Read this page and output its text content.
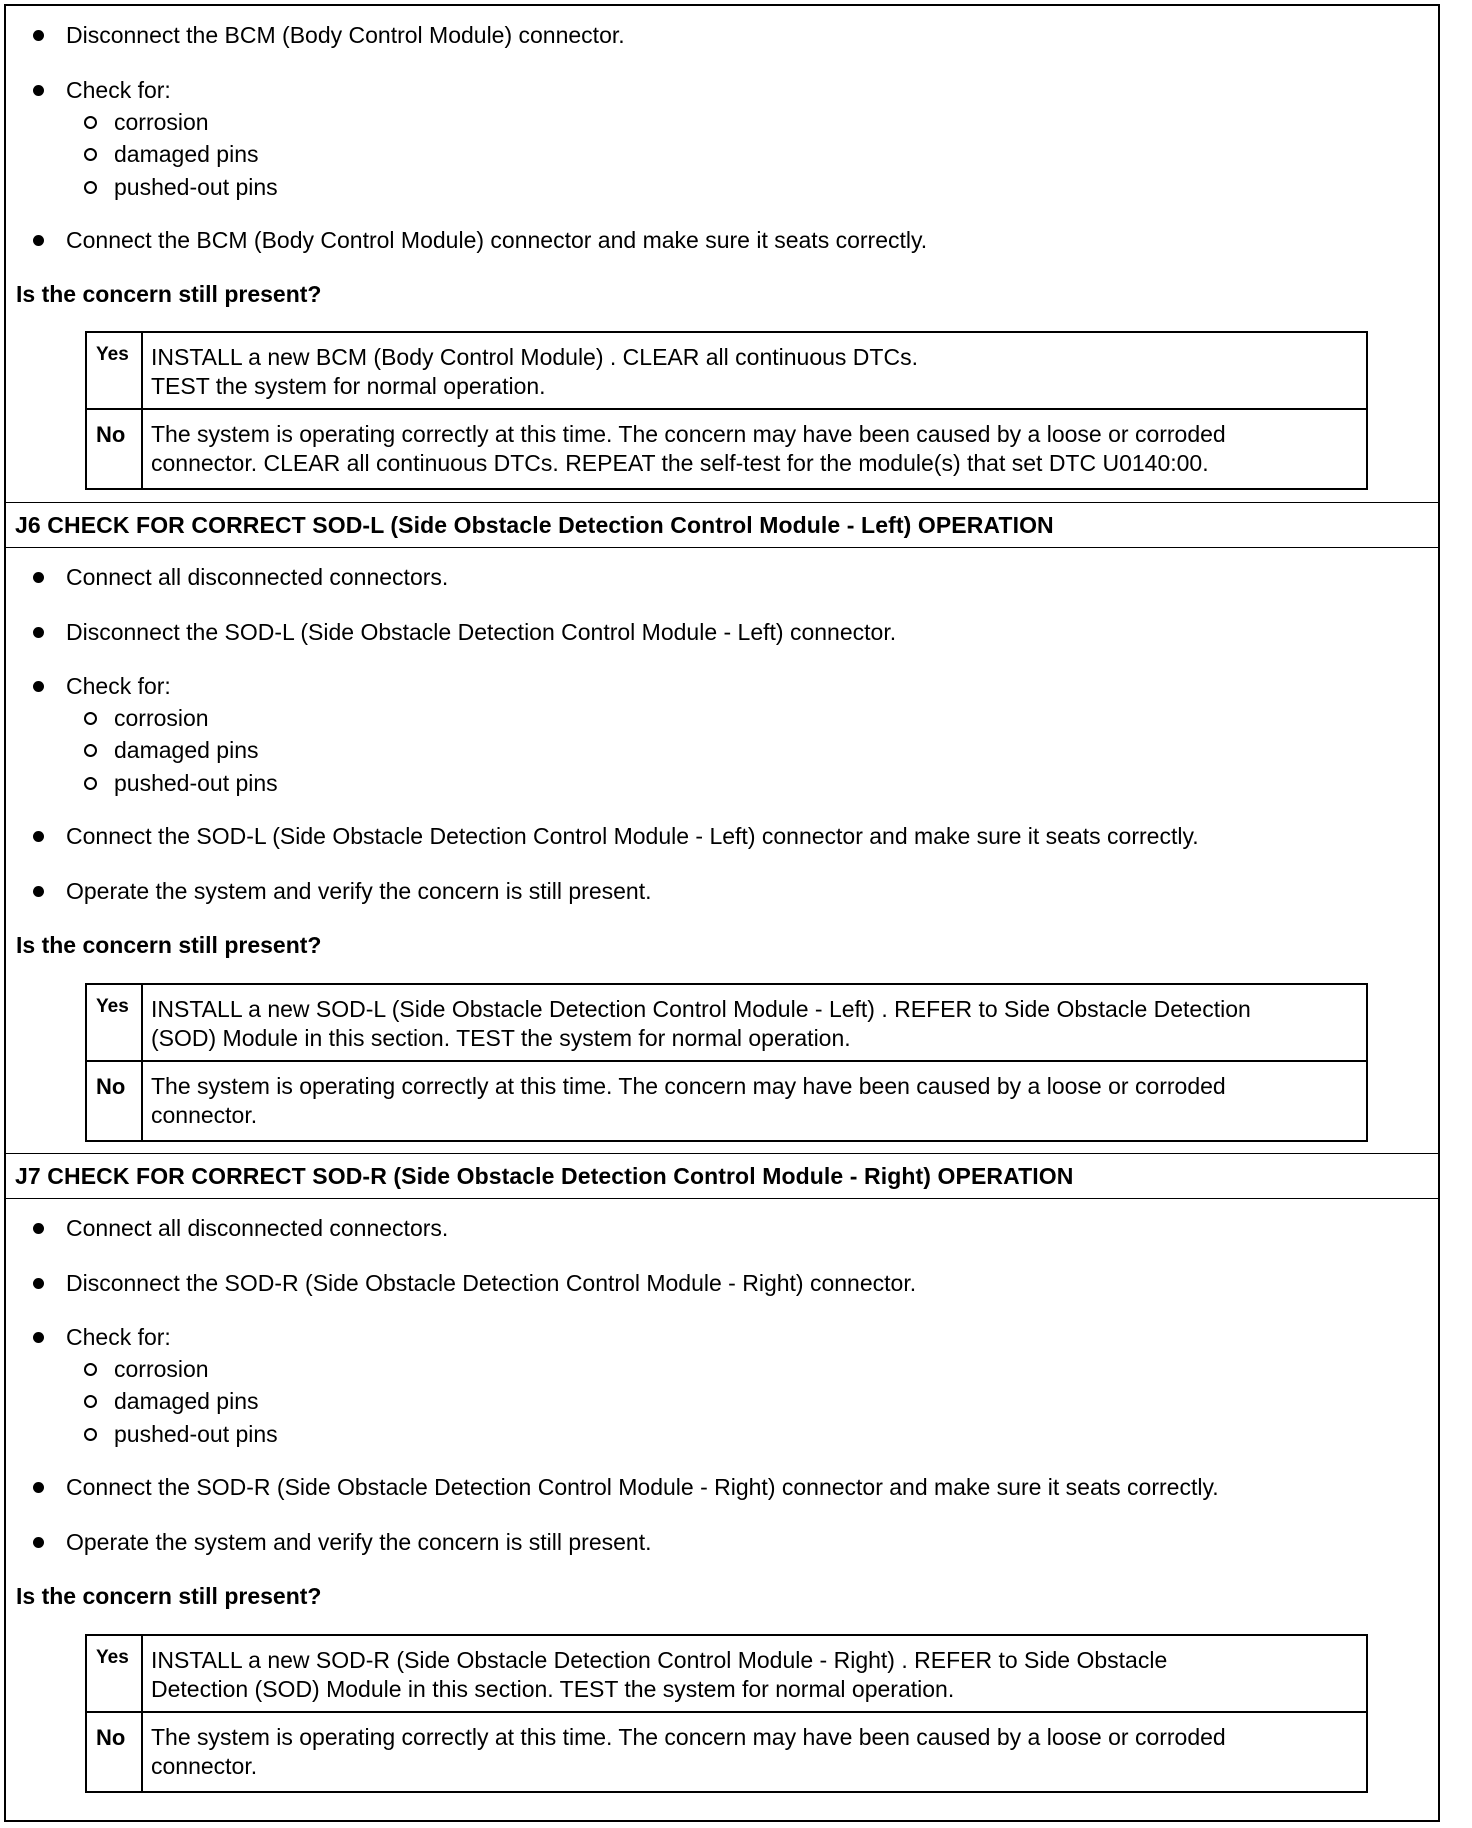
Disconnect the BCM (Body Control Module) connector.
Check for:
corrosion
damaged pins
pushed-out pins
Connect the BCM (Body Control Module) connector and make sure it seats correctly.
Is the concern still present?
Yes INSTALL a new BCM (Body Control Module) . CLEAR all continuous DTCs.
TEST the system for normal operation.
No The system is operating correctly at this time. The concern may have been caused by a loose or corroded
connector. CLEAR all continuous DTCs. REPEAT the self-test for the module(s) that set DTC U0140:00.
J6 CHECK FOR CORRECT SOD-L (Side Obstacle Detection Control Module - Left) OPERATION
Connect all disconnected connectors.
Disconnect the SOD-L (Side Obstacle Detection Control Module - Left) connector.
Check for:
corrosion
damaged pins
pushed-out pins
Connect the SOD-L (Side Obstacle Detection Control Module - Left) connector and make sure it seats correctly.
Operate the system and verify the concern is still present.
Is the concern still present?
Yes INSTALL a new SOD-L (Side Obstacle Detection Control Module - Left) . REFER to Side Obstacle Detection
(SOD) Module in this section. TEST the system for normal operation.
No The system is operating correctly at this time. The concern may have been caused by a loose or corroded
connector.
J7 CHECK FOR CORRECT SOD-R (Side Obstacle Detection Control Module - Right) OPERATION
Connect all disconnected connectors.
Disconnect the SOD-R (Side Obstacle Detection Control Module - Right) connector.
Check for:
corrosion
damaged pins
pushed-out pins
Connect the SOD-R (Side Obstacle Detection Control Module - Right) connector and make sure it seats correctly.
Operate the system and verify the concern is still present.
Is the concern still present?
Yes INSTALL a new SOD-R (Side Obstacle Detection Control Module - Right) . REFER to Side Obstacle
Detection (SOD) Module in this section. TEST the system for normal operation.
No The system is operating correctly at this time. The concern may have been caused by a loose or corroded
connector.
